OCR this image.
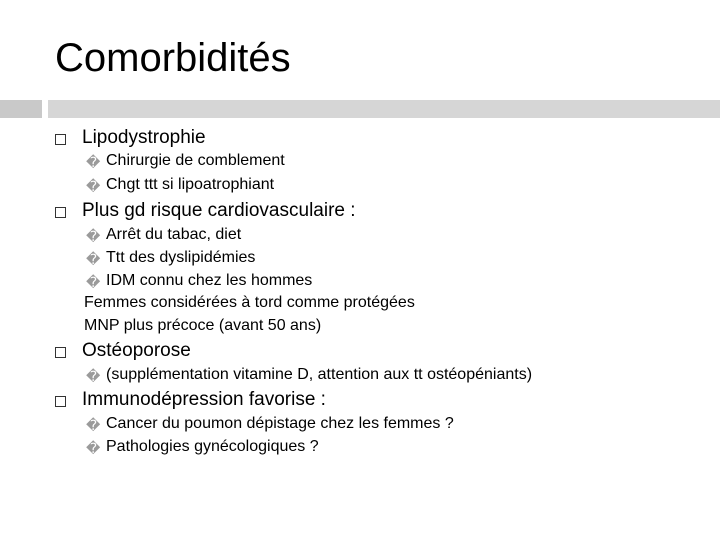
Comorbidités
Lipodystrophie
� Chirurgie de comblement
� Chgt ttt si lipoatrophiant
Plus gd risque cardiovasculaire :
� Arrêt du tabac, diet
� Ttt des dyslipidémies
� IDM connu chez les hommes
Femmes considérées à tord comme protégées
MNP plus précoce (avant 50 ans)
Ostéoporose
� (supplémentation vitamine D, attention aux tt ostéopéniants)
Immunodépression favorise :
� Cancer du poumon dépistage chez les femmes ?
� Pathologies gynécologiques ?
